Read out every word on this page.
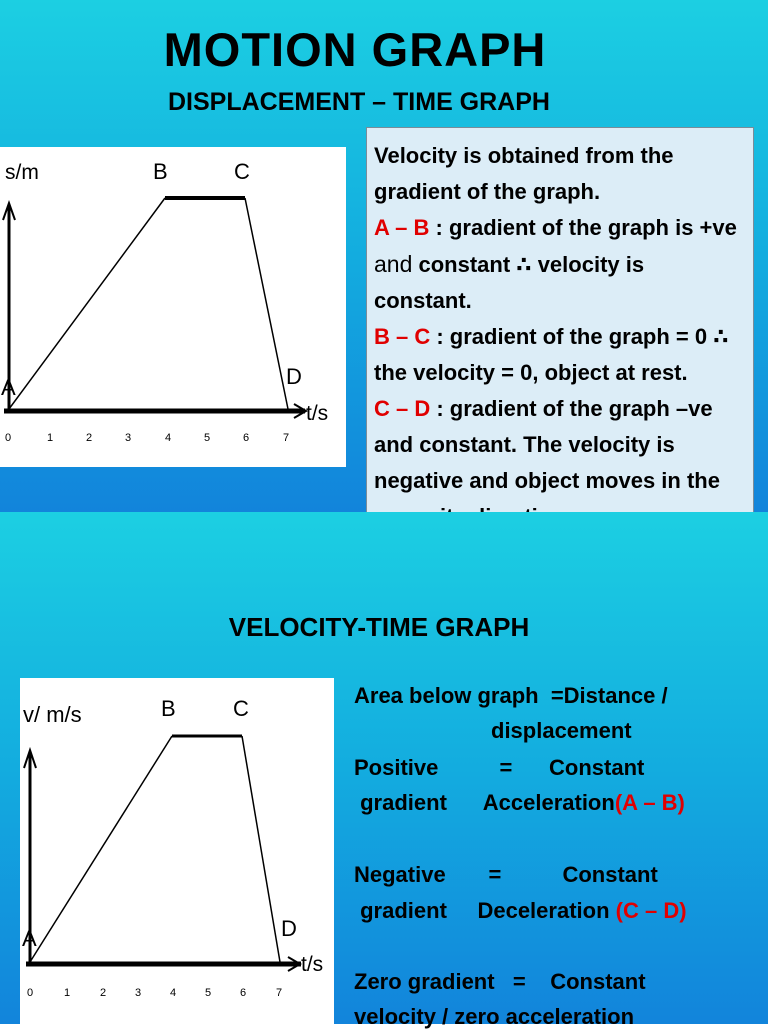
MOTION GRAPH
DISPLACEMENT – TIME GRAPH
s/m
t/s
B	C
A	D
0	1	2	3	4	5	6	7

Velocity is obtained from the gradient of the graph.

A – B : gradient of the graph is +ve and constant ∴ velocity is constant.

B – C : gradient of the graph = 0 ∴ the velocity = 0, object at rest.

C – D : gradient of the graph –ve and constant. The velocity is negative and object moves in the

VELOCITY-TIME GRAPH
v/ m/s
t/s
B	C
A	D
0	1	2	3	4	5	6	7
Area below graph  =Distance /
displacement
Positive          =      Constant
gradient      Acceleration(A – B)
Negative       =          Constant
gradient     Deceleration (C – D)
Zero gradient   =    Constant
velocity / zero acceleration
